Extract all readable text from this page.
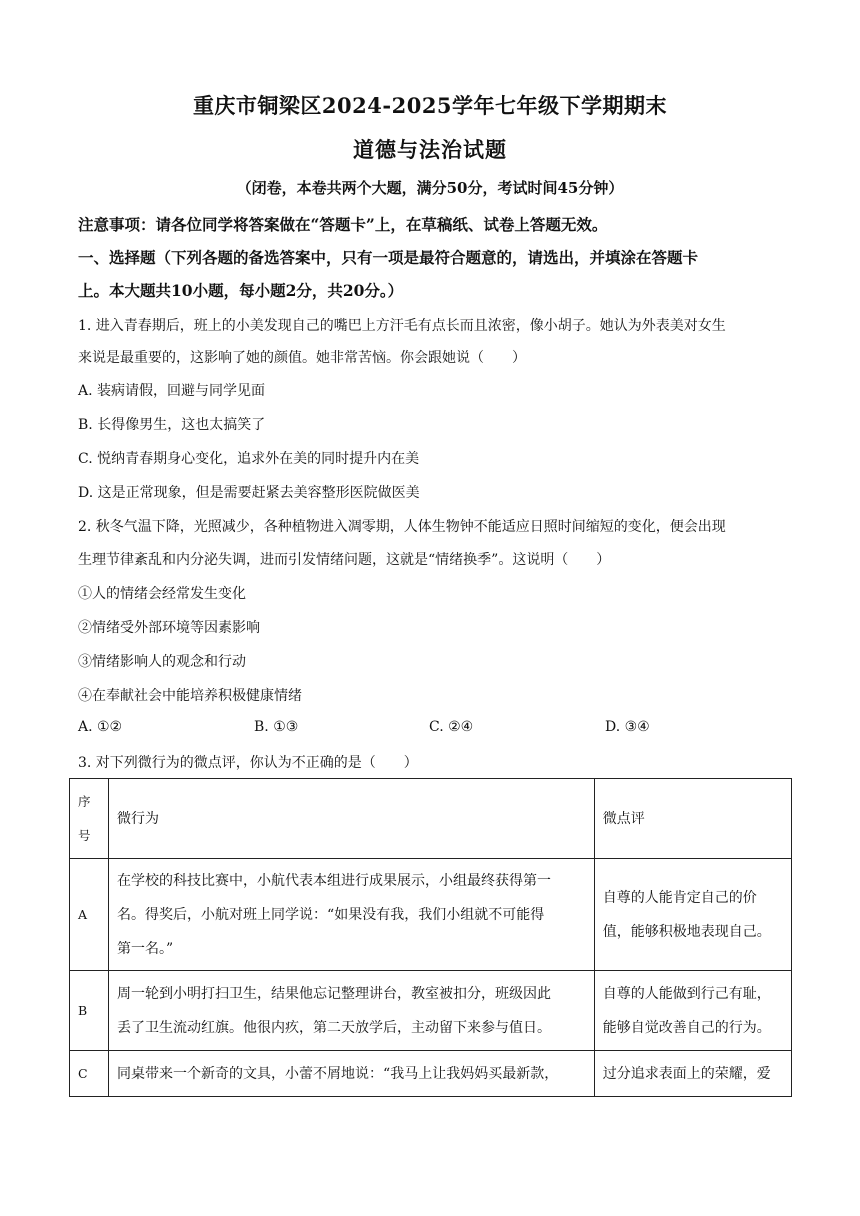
重庆市铜梁区2024-2025学年七年级下学期期末
道德与法治试题
（闭卷，本卷共两个大题，满分50分，考试时间45分钟）
注意事项：请各位同学将答案做在“答题卡”上，在草稿纸、试卷上答题无效。
一、选择题（下列各题的备选答案中，只有一项是最符合题意的，请选出，并填涂在答题卡
上。本大题共10小题，每小题2分，共20分。）
1. 进入青春期后，班上的小美发现自己的嘴巴上方汗毛有点长而且浓密，像小胡子。她认为外表美对女生
来说是最重要的，这影响了她的颜值。她非常苦恼。你会跟她说（　　）
A. 装病请假，回避与同学见面
B. 长得像男生，这也太搞笑了
C. 悦纳青春期身心变化，追求外在美的同时提升内在美
D. 这是正常现象，但是需要赶紧去美容整形医院做医美
2. 秋冬气温下降，光照减少，各种植物进入凋零期，人体生物钟不能适应日照时间缩短的变化，便会出现
生理节律紊乱和内分泌失调，进而引发情绪问题，这就是“情绪换季”。这说明（　　）
①人的情绪会经常发生变化
②情绪受外部环境等因素影响
③情绪影响人的观念和行动
④在奉献社会中能培养积极健康情绪
A. ①②	B. ①③	C. ②④	D. ③④
3. 对下列微行为的微点评，你认为不正确的是（　　）
序
号	微行为	微点评
A	在学校的科技比赛中，小航代表本组进行成果展示，小组最终获得第一
名。得奖后，小航对班上同学说：“如果没有我，我们小组就不可能得
第一名。”	自尊的人能肯定自己的价
值，能够积极地表现自己。

B	周一轮到小明打扫卫生，结果他忘记整理讲台，教室被扣分，班级因此
丢了卫生流动红旗。他很内疚，第二天放学后，主动留下来参与值日。	自尊的人能做到行己有耻，
能够自觉改善自己的行为。

C	同桌带来一个新奇的文具，小蕾不屑地说：“我马上让我妈妈买最新款，	过分追求表面上的荣耀，爱
